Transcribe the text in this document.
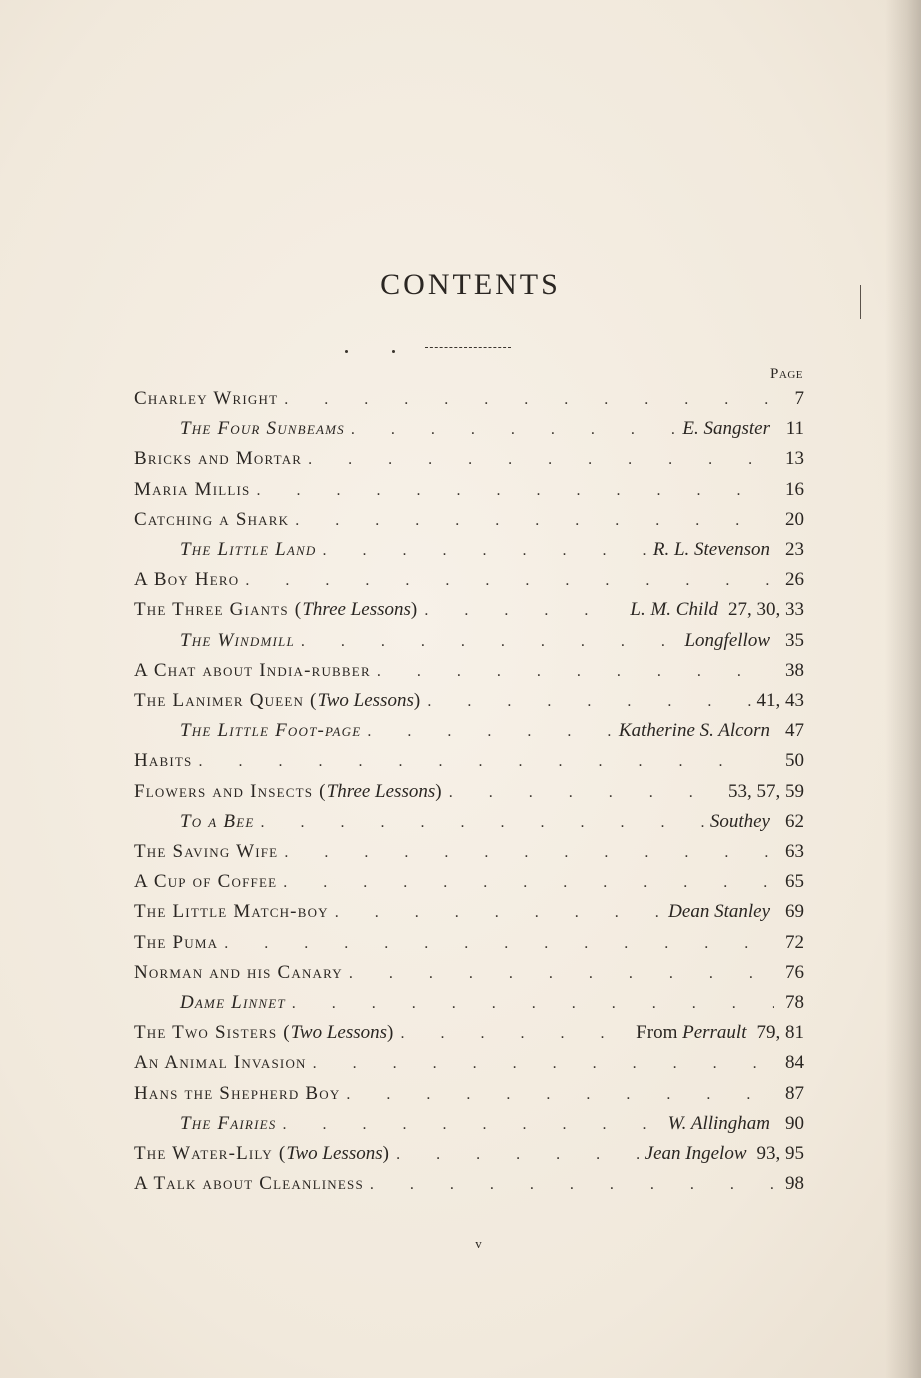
CONTENTS
Page
Charley Wright .	7
The Four Sunbeams .	E. Sangster 11
Bricks and Mortar .	13
Maria Millis .	16
Catching a Shark .	20
The Little Land .	R. L. Stevenson 23
A Boy Hero .	26
The Three Giants (Three Lessons) .	L. M. Child 27, 30, 33
The Windmill .	Longfellow 35
A Chat about India-rubber .	38
The Lanimer Queen (Two Lessons) .	41, 43
The Little Foot-page .	Katherine S. Alcorn 47
Habits .	50
Flowers and Insects (Three Lessons) .	53, 57, 59
To a Bee .	Southey 62
The Saving Wife .	63
A Cup of Coffee .	65
The Little Match-boy .	Dean Stanley 69
The Puma .	72
Norman and his Canary .	76
Dame Linnet .	78
The Two Sisters (Two Lessons) .	From Perrault 79, 81
An Animal Invasion .	84
Hans the Shepherd Boy .	87
The Fairies .	W. Allingham 90
The Water-Lily (Two Lessons) .	Jean Ingelow 93, 95
A Talk about Cleanliness .	98
v
